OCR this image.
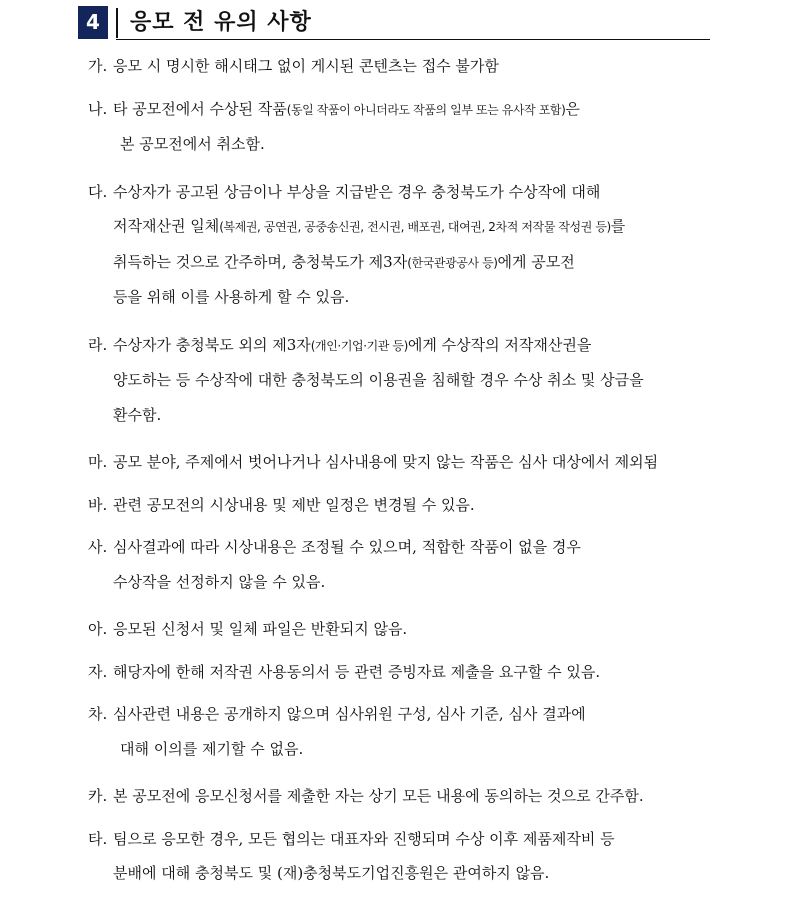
4	응모 전 유의 사항
가. 응모 시 명시한 해시태그 없이 게시된 콘텐츠는 접수 불가함
나. 타 공모전에서 수상된 작품(동일 작품이 아니더라도 작품의 일부 또는 유사작 포함)은
본 공모전에서 취소함.
다. 수상자가 공고된 상금이나 부상을 지급받은 경우 충청북도가 수상작에 대해
저작재산권 일체(복제권, 공연권, 공중송신권, 전시권, 배포권, 대여권, 2차적 저작물 작성권 등)를
취득하는 것으로 간주하며, 충청북도가 제3자(한국관광공사 등)에게 공모전
등을 위해 이를 사용하게 할 수 있음.
라. 수상자가 충청북도 외의 제3자(개인·기업·기관 등)에게 수상작의 저작재산권을
양도하는 등 수상작에 대한 충청북도의 이용권을 침해할 경우 수상 취소 및 상금을
환수함.
마. 공모 분야, 주제에서 벗어나거나 심사내용에 맞지 않는 작품은 심사 대상에서 제외됨
바. 관련 공모전의 시상내용 및 제반 일정은 변경될 수 있음.
사. 심사결과에 따라 시상내용은 조정될 수 있으며, 적합한 작품이 없을 경우
수상작을 선정하지 않을 수 있음.
아. 응모된 신청서 및 일체 파일은 반환되지 않음.
자. 해당자에 한해 저작권 사용동의서 등 관련 증빙자료 제출을 요구할 수 있음.
차. 심사관련 내용은 공개하지 않으며 심사위원 구성, 심사 기준, 심사 결과에
대해 이의를 제기할 수 없음.
카. 본 공모전에 응모신청서를 제출한 자는 상기 모든 내용에 동의하는 것으로 간주함.
타. 팀으로 응모한 경우, 모든 협의는 대표자와 진행되며 수상 이후 제품제작비 등
분배에 대해 충청북도 및 (재)충청북도기업진흥원은 관여하지 않음.
